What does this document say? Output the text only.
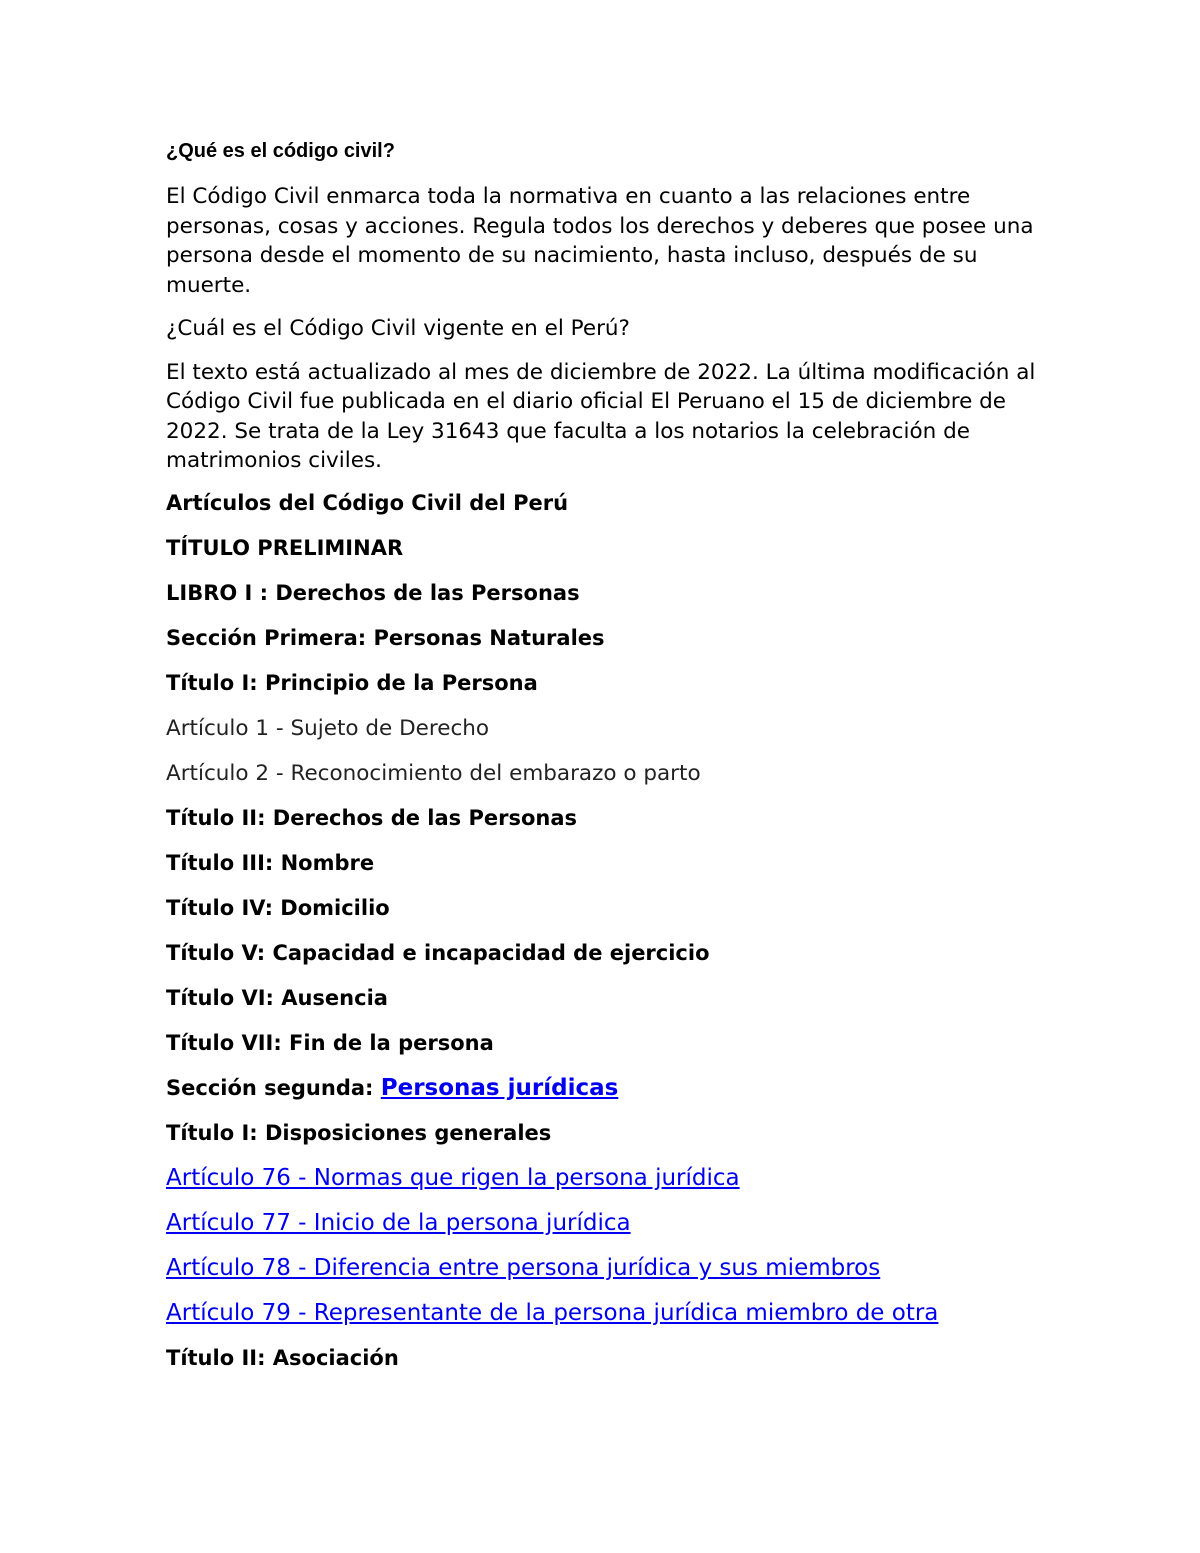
¿Qué es el código civil?

El Código Civil enmarca toda la normativa en cuanto a las relaciones entre personas, cosas y acciones. Regula todos los derechos y deberes que posee una persona desde el momento de su nacimiento, hasta incluso, después de su muerte.

¿Cuál es el Código Civil vigente en el Perú?

El texto está actualizado al mes de diciembre de 2022. La última modificación al Código Civil fue publicada en el diario oficial El Peruano el 15 de diciembre de 2022. Se trata de la Ley 31643 que faculta a los notarios la celebración de matrimonios civiles.

Artículos del Código Civil del Perú

TÍTULO PRELIMINAR

LIBRO I : Derechos de las Personas

Sección Primera: Personas Naturales

Título I: Principio de la Persona

Artículo 1 - Sujeto de Derecho

Artículo 2 - Reconocimiento del embarazo o parto

Título II: Derechos de las Personas

Título III: Nombre

Título IV: Domicilio

Título V: Capacidad e incapacidad de ejercicio

Título VI: Ausencia

Título VII: Fin de la persona

Sección segunda: Personas jurídicas

Título I: Disposiciones generales

Artículo 76 - Normas que rigen la persona jurídica

Artículo 77 - Inicio de la persona jurídica

Artículo 78 - Diferencia entre persona jurídica y sus miembros

Artículo 79 - Representante de la persona jurídica miembro de otra

Título II: Asociación
